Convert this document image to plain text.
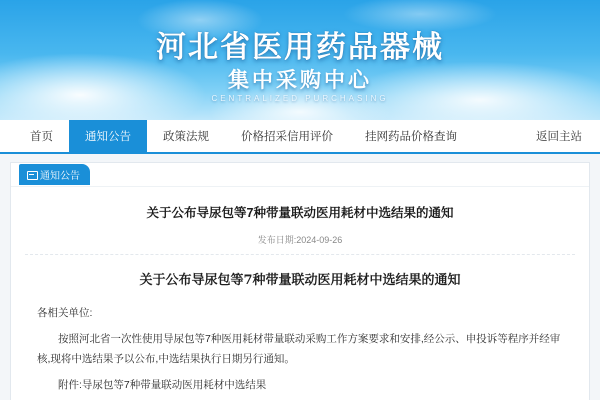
河北省医用药品器械
集中采购中心
CENTRALIZED PURCHASING
首页	通知公告	政策法规	价格招采信用评价	挂网药品价格查询	返回主站
通知公告
关于公布导尿包等7种带量联动医用耗材中选结果的通知
发布日期:2024-09-26
关于公布导尿包等7种带量联动医用耗材中选结果的通知

各相关单位:

按照河北省一次性使用导尿包等7种医用耗材带量联动采购工作方案要求和安排,经公示、申投诉等程序并经审核,现将中选结果予以公布,中选结果执行日期另行通知。

附件:导尿包等7种带量联动医用耗材中选结果
